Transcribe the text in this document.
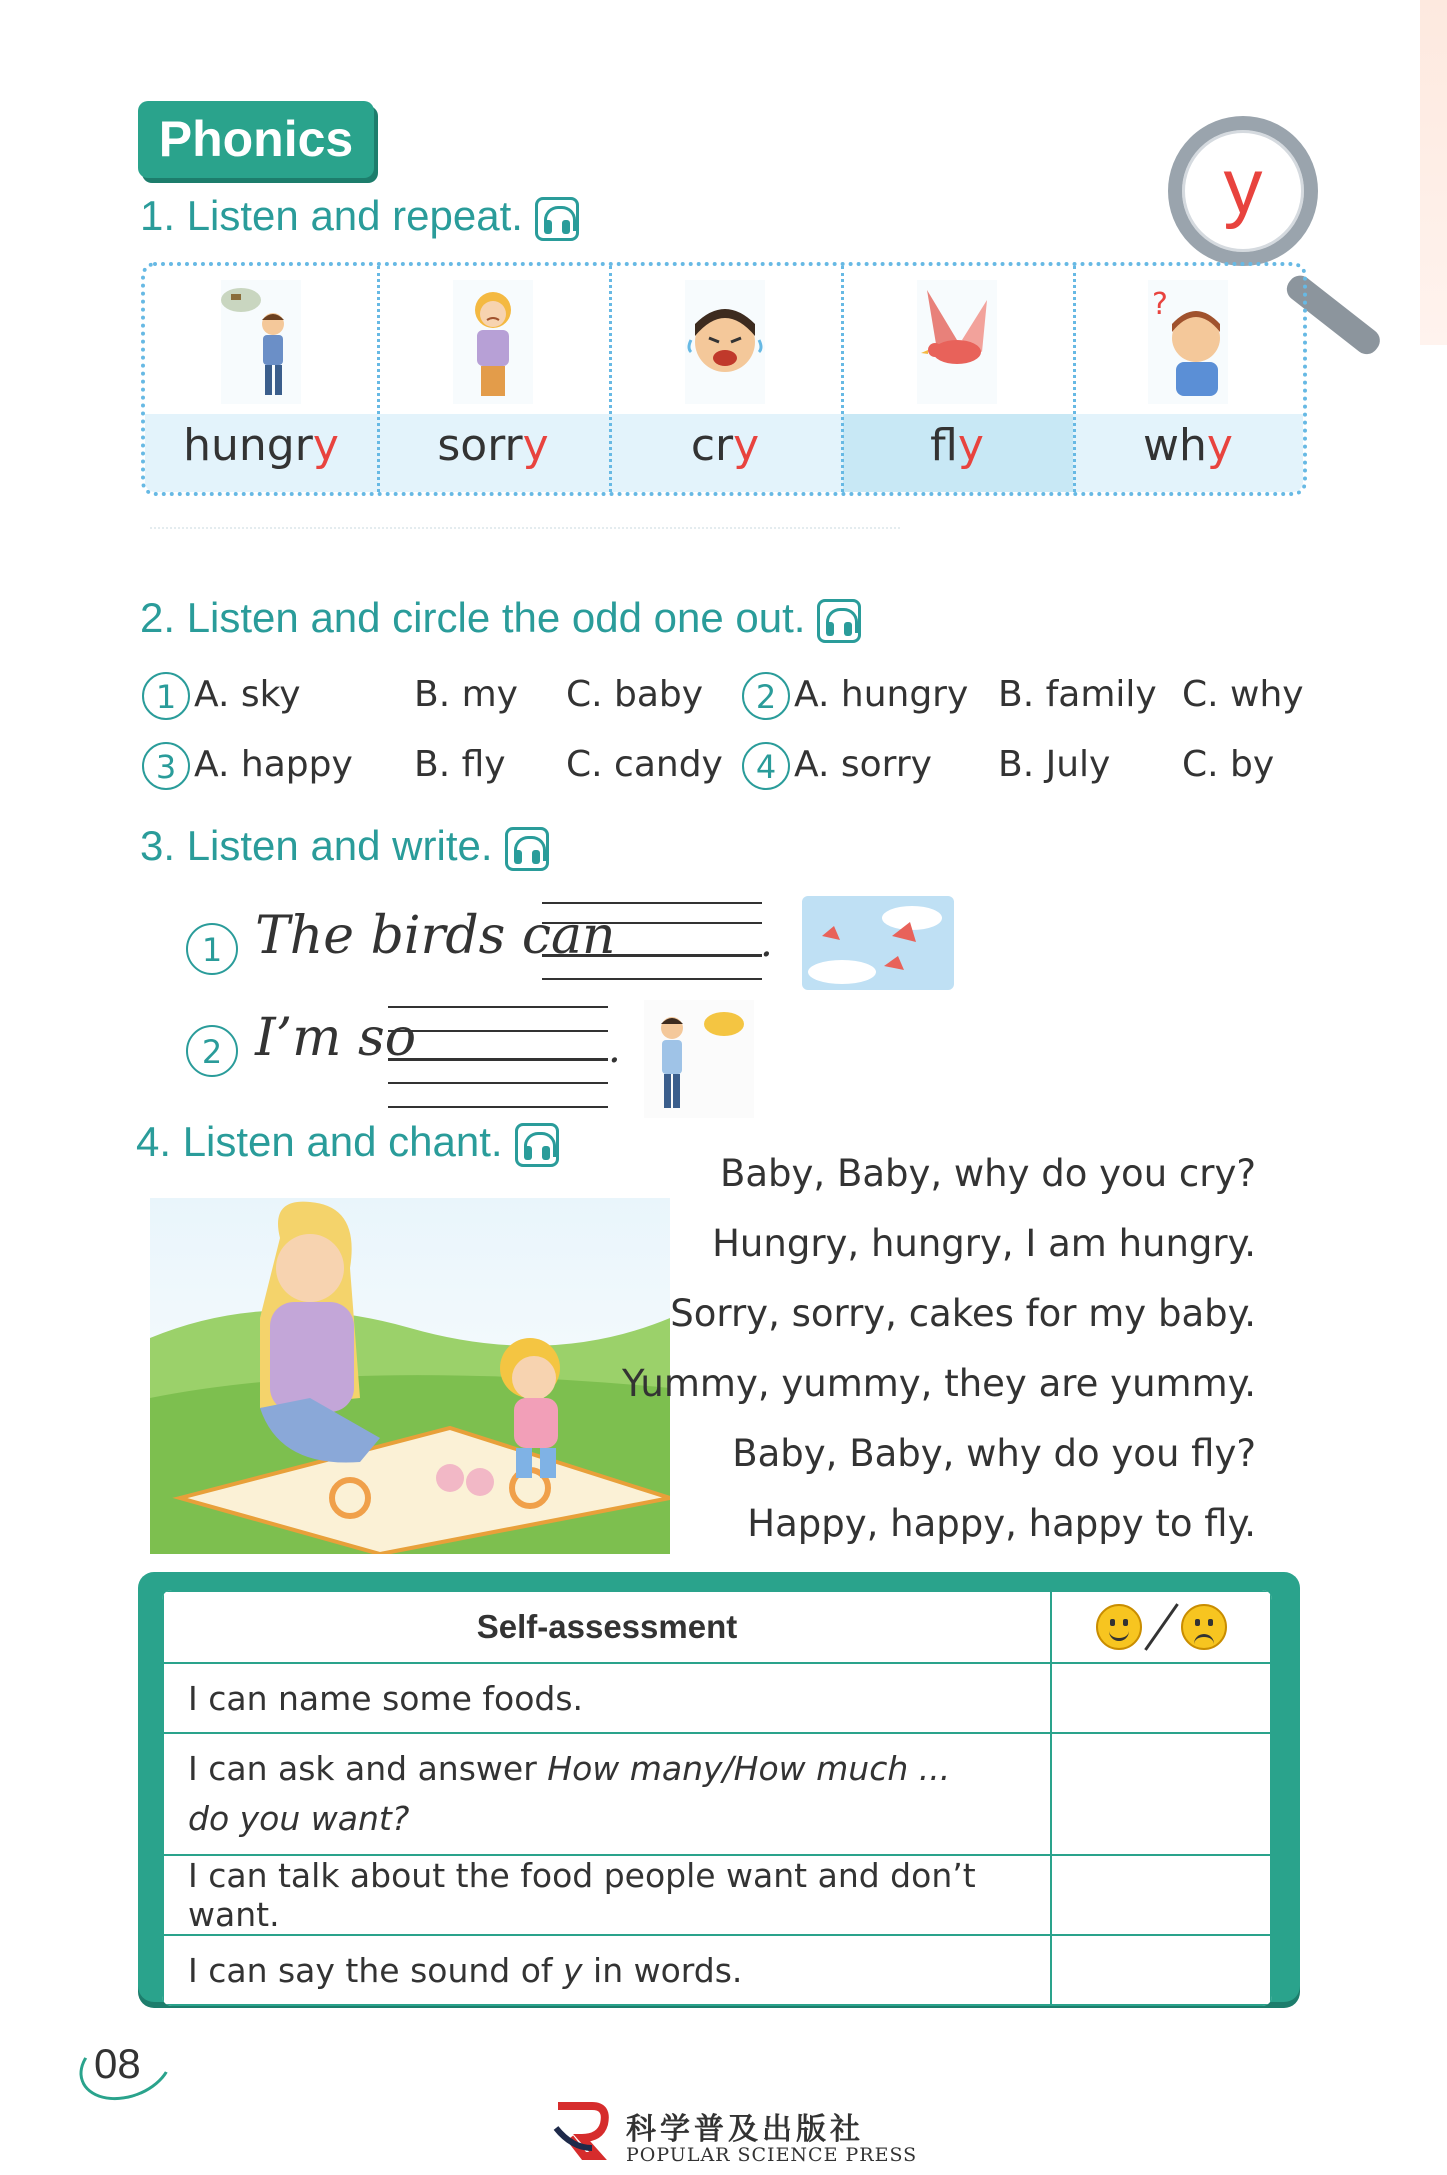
Phonics
y
1. Listen and repeat.
hungry	sorry	cry	fly
?
why
2. Listen and circle the odd one out.
1 A. sky	B. my C. baby	2 A. hungry B. family C. why
3 A. happy B. fly C. candy	4 A. sorry B. July C. by
3. Listen and write.
1 The birds can	.
2 I’m so	.
4. Listen and chant.
Baby, Baby, why do you cry?
Hungry, hungry, I am hungry.
Sorry, sorry, cakes for my baby.
Yummy, yummy, they are yummy.
Baby, Baby, why do you fly?
Happy, happy, happy to fly.
Self-assessment	
I can name some foods.	
I can ask and answer How many/How much ...
do you want?	
I can talk about the food people want and don’t want.	
I can say the sound of y in words.	
08
科学普及出版社
POPULAR SCIENCE PRESS
